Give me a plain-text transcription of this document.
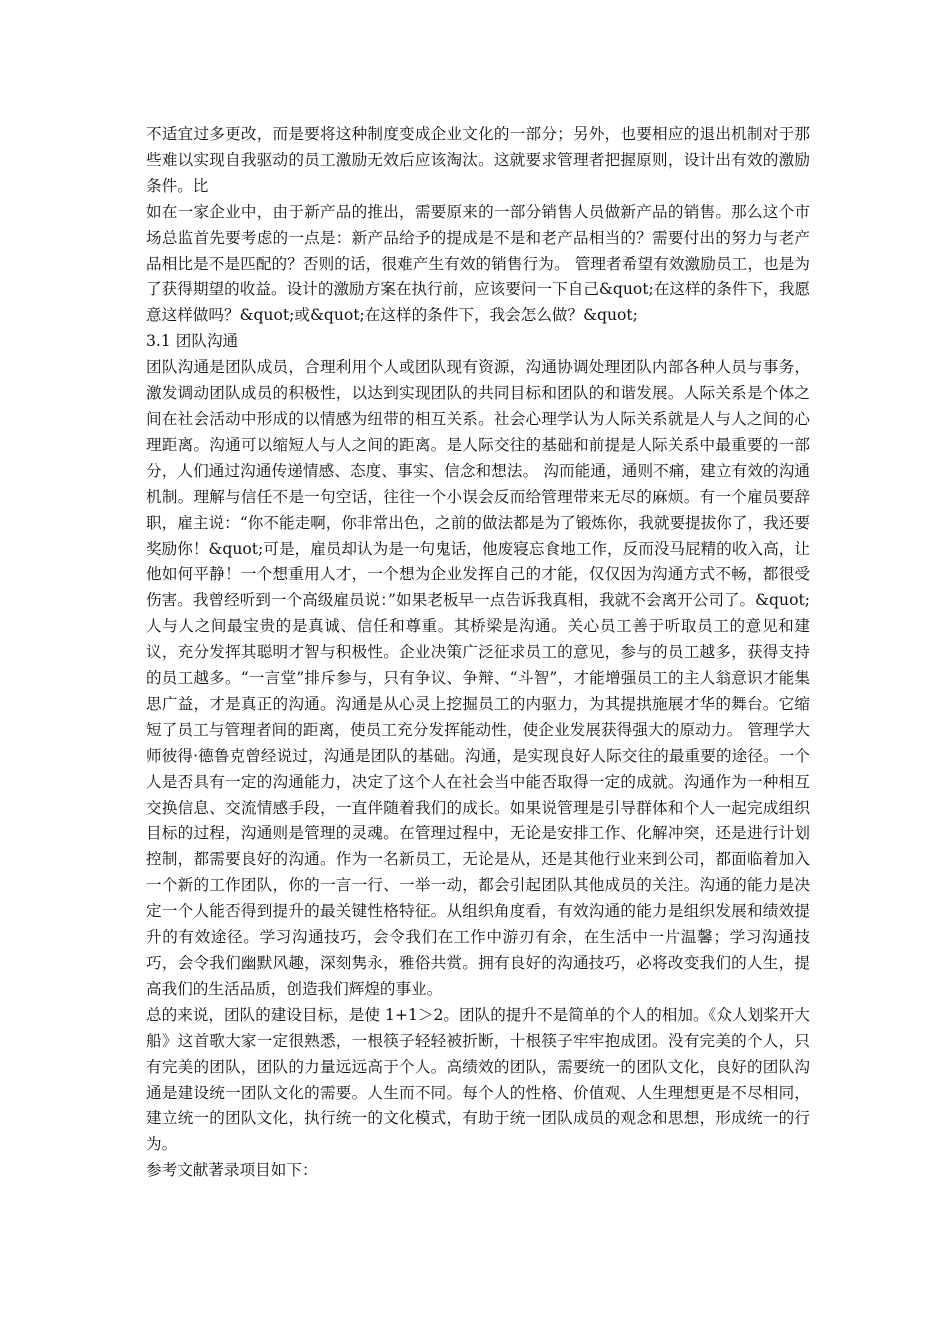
不适宜过多更改，而是要将这种制度变成企业文化的一部分；另外，也要相应的退出机制对于那些难以实现自我驱动的员工激励无效后应该淘汰。这就要求管理者把握原则，设计出有效的激励条件。比

如在一家企业中，由于新产品的推出，需要原来的一部分销售人员做新产品的销售。那么这个市场总监首先要考虑的一点是：新产品给予的提成是不是和老产品相当的？需要付出的努力与老产品相比是不是匹配的？否则的话，很难产生有效的销售行为。 管理者希望有效激励员工，也是为了获得期望的收益。设计的激励方案在执行前，应该要问一下自己&quot;在这样的条件下，我愿意这样做吗？&quot;或&quot;在这样的条件下，我会怎么做？&quot;

3.1 团队沟通

团队沟通是团队成员，合理利用个人或团队现有资源，沟通协调处理团队内部各种人员与事务，激发调动团队成员的积极性，以达到实现团队的共同目标和团队的和谐发展。人际关系是个体之间在社会活动中形成的以情感为纽带的相互关系。社会心理学认为人际关系就是人与人之间的心理距离。沟通可以缩短人与人之间的距离。是人际交往的基础和前提是人际关系中最重要的一部分，人们通过沟通传递情感、态度、事实、信念和想法。 沟而能通，通则不痛，建立有效的沟通机制。理解与信任不是一句空话，往往一个小误会反而给管理带来无尽的麻烦。有一个雇员要辞职，雇主说：“你不能走啊，你非常出色，之前的做法都是为了锻炼你，我就要提拔你了，我还要奖励你！&quot;可是，雇员却认为是一句鬼话，他废寝忘食地工作，反而没马屁精的收入高，让他如何平静！一个想重用人才，一个想为企业发挥自己的才能，仅仅因为沟通方式不畅，都很受伤害。我曾经听到一个高级雇员说：”如果老板早一点告诉我真相，我就不会离开公司了。&quot; 人与人之间最宝贵的是真诚、信任和尊重。其桥梁是沟通。关心员工善于听取员工的意见和建议，充分发挥其聪明才智与积极性。企业决策广泛征求员工的意见，参与的员工越多，获得支持的员工越多。“一言堂”排斥参与，只有争议、争辩、“斗智”，才能增强员工的主人翁意识才能集思广益，才是真正的沟通。沟通是从心灵上挖掘员工的内驱力，为其提拱施展才华的舞台。它缩短了员工与管理者间的距离，使员工充分发挥能动性，使企业发展获得强大的原动力。 管理学大师彼得·德鲁克曾经说过，沟通是团队的基础。沟通，是实现良好人际交往的最重要的途径。一个人是否具有一定的沟通能力，决定了这个人在社会当中能否取得一定的成就。沟通作为一种相互交换信息、交流情感手段，一直伴随着我们的成长。如果说管理是引导群体和个人一起完成组织目标的过程，沟通则是管理的灵魂。在管理过程中，无论是安排工作、化解冲突，还是进行计划控制，都需要良好的沟通。作为一名新员工，无论是从，还是其他行业来到公司，都面临着加入一个新的工作团队，你的一言一行、一举一动，都会引起团队其他成员的关注。沟通的能力是决定一个人能否得到提升的最关键性格特征。从组织角度看，有效沟通的能力是组织发展和绩效提升的有效途径。学习沟通技巧，会令我们在工作中游刃有余，在生活中一片温馨；学习沟通技巧，会令我们幽默风趣，深刻隽永，雅俗共赏。拥有良好的沟通技巧，必将改变我们的人生，提高我们的生活品质，创造我们辉煌的事业。

总的来说，团队的建设目标，是使 1+1＞2。团队的提升不是简单的个人的相加。《众人划桨开大船》这首歌大家一定很熟悉，一根筷子轻轻被折断，十根筷子牢牢抱成团。没有完美的个人，只有完美的团队，团队的力量远远高于个人。高绩效的团队，需要统一的团队文化，良好的团队沟通是建设统一团队文化的需要。人生而不同。每个人的性格、价值观、人生理想更是不尽相同，建立统一的团队文化，执行统一的文化模式，有助于统一团队成员的观念和思想，形成统一的行为。

参考文献著录项目如下：
